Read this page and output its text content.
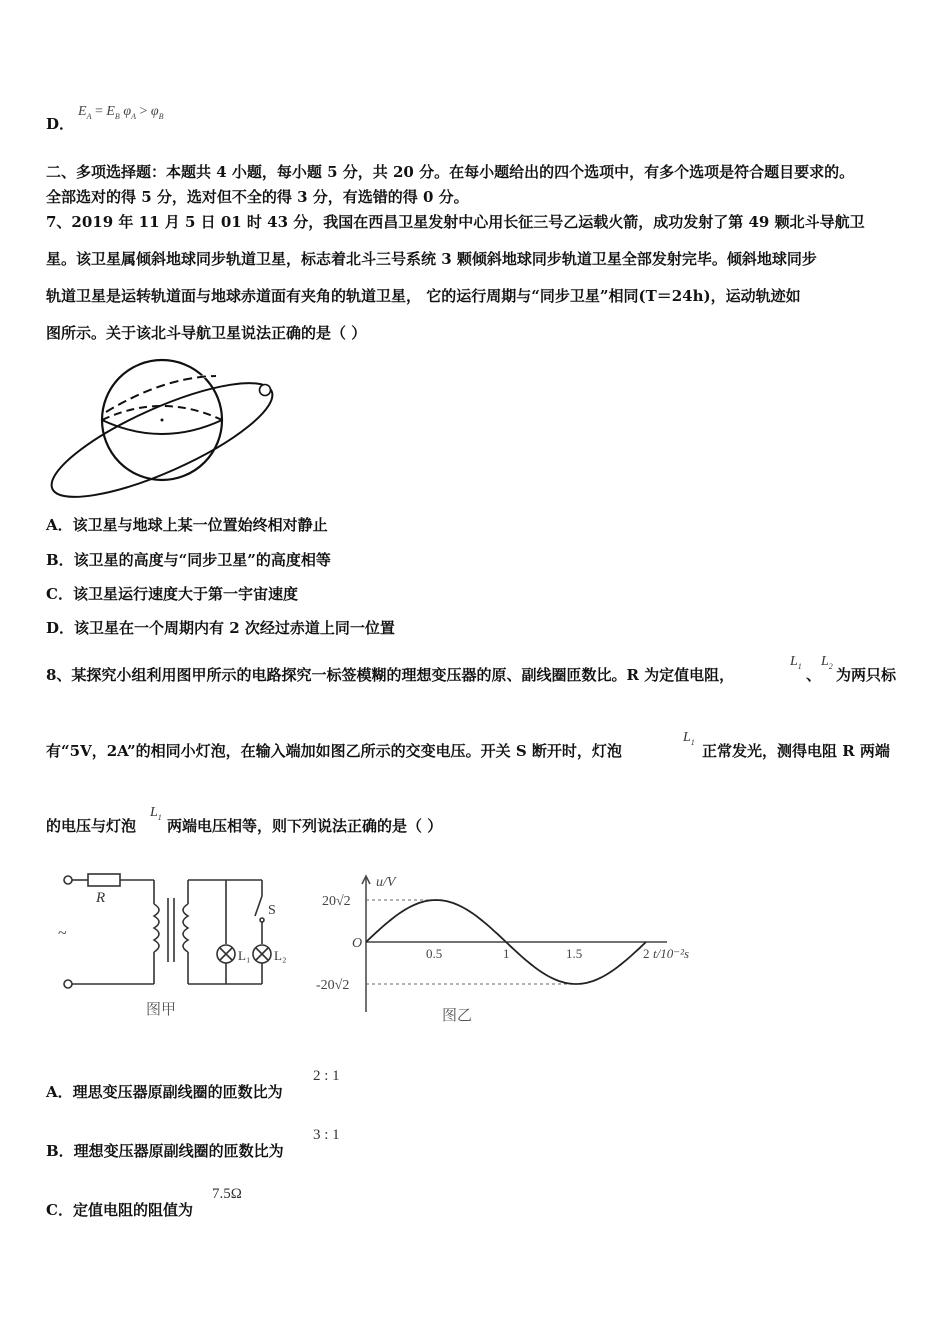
D．
$E_A = E_B$ $\varphi_A > \varphi_B$
二、多项选择题：本题共 4 小题，每小题 5 分，共 20 分。在每小题给出的四个选项中，有多个选项是符合题目要求的。
全部选对的得 5 分，选对但不全的得 3 分，有选错的得 0 分。
7、2019 年 11 月 5 日 01 时 43 分，我国在西昌卫星发射中心用长征三号乙运载火箭，成功发射了第 49 颗北斗导航卫
星。该卫星属倾斜地球同步轨道卫星，标志着北斗三号系统 3 颗倾斜地球同步轨道卫星全部发射完毕。倾斜地球同步
轨道卫星是运转轨道面与地球赤道面有夹角的轨道卫星， 它的运行周期与“同步卫星”相同(T＝24h)，运动轨迹如
图所示。关于该北斗导航卫星说法正确的是（ ）
A．该卫星与地球上某一位置始终相对静止
B．该卫星的高度与“同步卫星”的高度相等
C．该卫星运行速度大于第一宇宙速度
D．该卫星在一个周期内有 2 次经过赤道上同一位置
8、某探究小组利用图甲所示的电路探究一标签模糊的理想变压器的原、副线圈匝数比。R 为定值电阻，
$L_1$ 、
$L_2$ 为两只标
有“5V，2A”的相同小灯泡，在输入端加如图乙所示的交变电压。开关 S 断开时，灯泡
$L_1$ 正常发光，测得电阻 R 两端
的电压与灯泡
$L_1$ 两端电压相等，则下列说法正确的是（ ）
R
S
L₁ L₂
~
图甲
u/V
t/10⁻²s
O
20√2
-20√2
0.5	1	1.5	2
图乙
A．理思变压器原副线圈的匝数比为
2 : 1
B．理想变压器原副线圈的匝数比为
3 : 1
C．定值电阻的阻值为
7.5Ω
